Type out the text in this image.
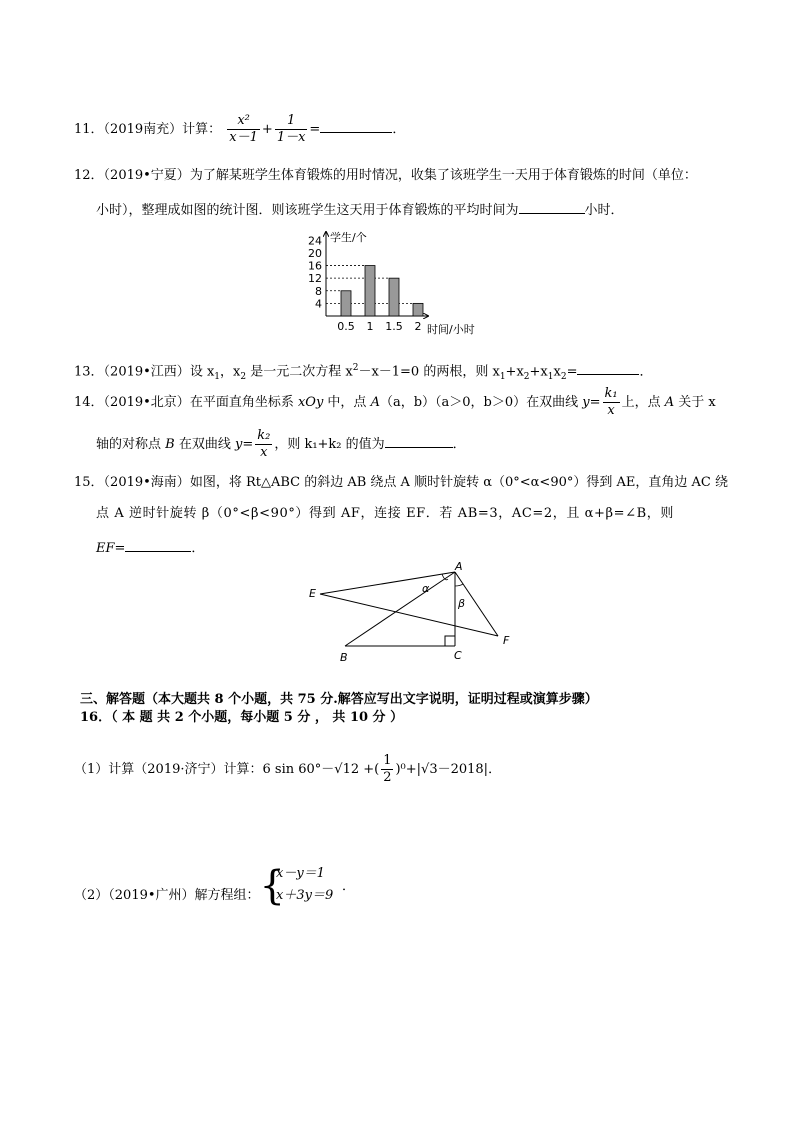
11．（2019南充）计算： $\frac{\text{x²}}{x-1} + \frac{1}{1-x}$ =	．
12．（2019•宁夏）为了解某班学生体育锻炼的用时情况，收集了该班学生一天用于体育锻炼的时间（单位：
小时），整理成如图的统计图．则该班学生这天用于体育锻炼的平均时间为	小时．
4
8
12
16
20
24
0.5 1 1.5 2
学生/个
时间/小时
13．（2019•江西）设 $x_1$，$x_2$ 是一元二次方程 $x^2-x-1=0$ 的两根，则 $x_1+x_2+x_1x_2=$	．
14．（2019•北京）在平面直角坐标系 xOy 中，点 A（a，b）（a＞0，b＞0）在双曲线 $y= \frac{\text{k₁}}{x}$ 上，点 A 关于 x
轴的对称点 B 在双曲线 $y= \frac{\text{k₂}}{x}$ ，则 k₁+k₂ 的值为	．
15．（2019•海南）如图，将 Rt△ABC 的斜边 AB 绕点 A 顺时针旋转 α（0°<α<90°）得到 AE，直角边 AC 绕
点 A 逆时针旋转 β（0°<β<90°）得到 AF，连接 EF．若 AB=3，AC=2，且 α+β=∠B，则
EF=	．
A
B	C
E
F
α
β
三、解答题（本大题共 8 个小题，共 75 分.解答应写出文字说明，证明过程或演算步骤）
16．（ 本 题 共 2 个小题，每小题 5 分 ， 共 10 分 ）
（1）计算（2019·济宁）计算：6 sin 60°－√12 +( $\frac{1}{2} )^0+|√3-2018|$．
（2）（2019•广州）解方程组：{
x－y＝1
x＋3y＝9
．
